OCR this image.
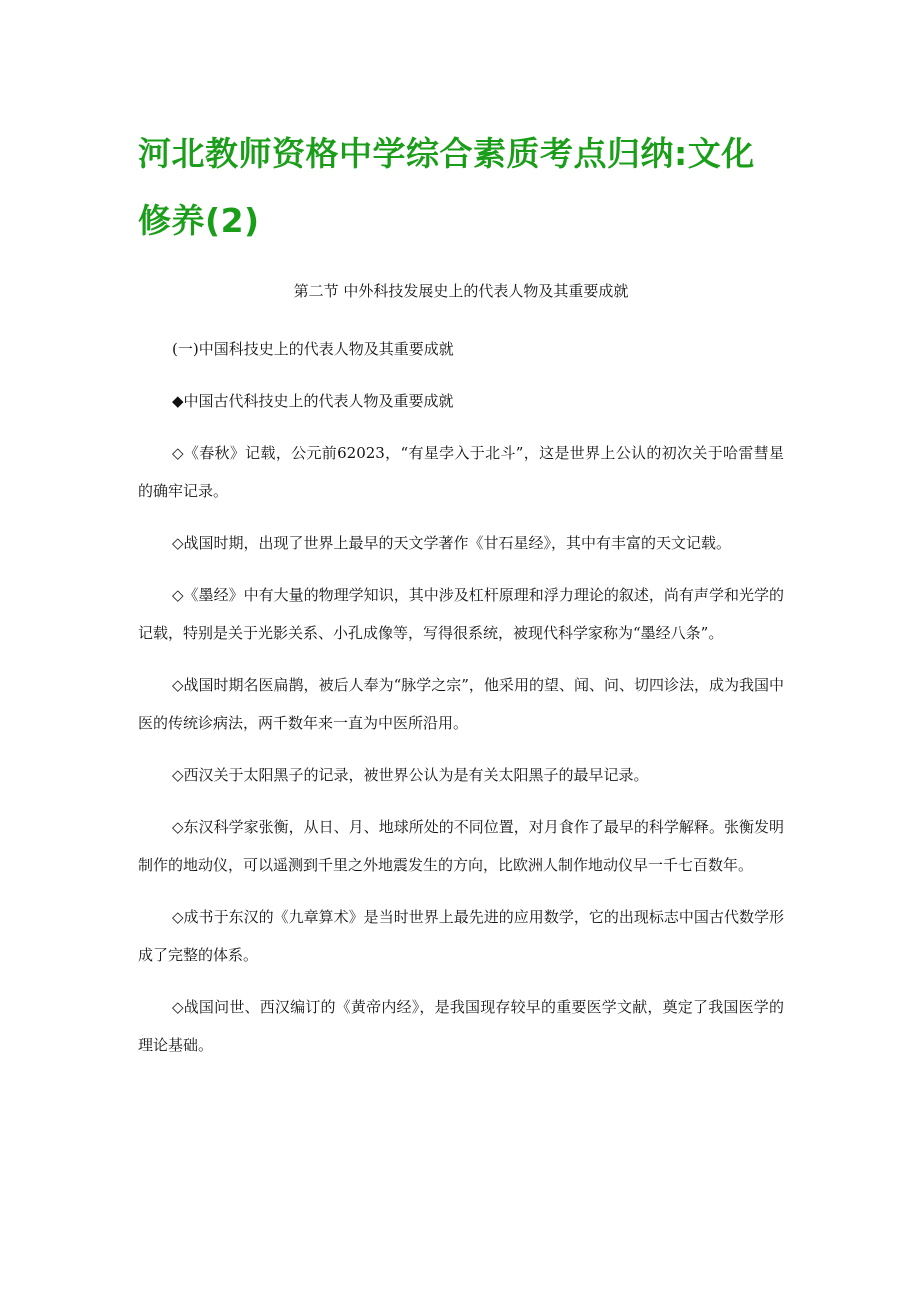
河北教师资格中学综合素质考点归纳:文化修养(2)

第二节 中外科技发展史上的代表人物及其重要成就

(一)中国科技史上的代表人物及其重要成就

◆中国古代科技史上的代表人物及重要成就

◇《春秋》记载，公元前62023，“有星孛入于北斗”，这是世界上公认的初次关于哈雷彗星的确牢记录。

◇战国时期，出现了世界上最早的天文学著作《甘石星经》，其中有丰富的天文记载。

◇《墨经》中有大量的物理学知识，其中涉及杠杆原理和浮力理论的叙述，尚有声学和光学的记载，特别是关于光影关系、小孔成像等，写得很系统，被现代科学家称为“墨经八条”。

◇战国时期名医扁鹊，被后人奉为“脉学之宗”，他采用的望、闻、问、切四诊法，成为我国中医的传统诊病法，两千数年来一直为中医所沿用。

◇西汉关于太阳黑子的记录，被世界公认为是有关太阳黑子的最早记录。

◇东汉科学家张衡，从日、月、地球所处的不同位置，对月食作了最早的科学解释。张衡发明制作的地动仪，可以遥测到千里之外地震发生的方向，比欧洲人制作地动仪早一千七百数年。

◇成书于东汉的《九章算术》是当时世界上最先进的应用数学，它的出现标志中国古代数学形成了完整的体系。

◇战国问世、西汉编订的《黄帝内经》，是我国现存较早的重要医学文献，奠定了我国医学的理论基础。
